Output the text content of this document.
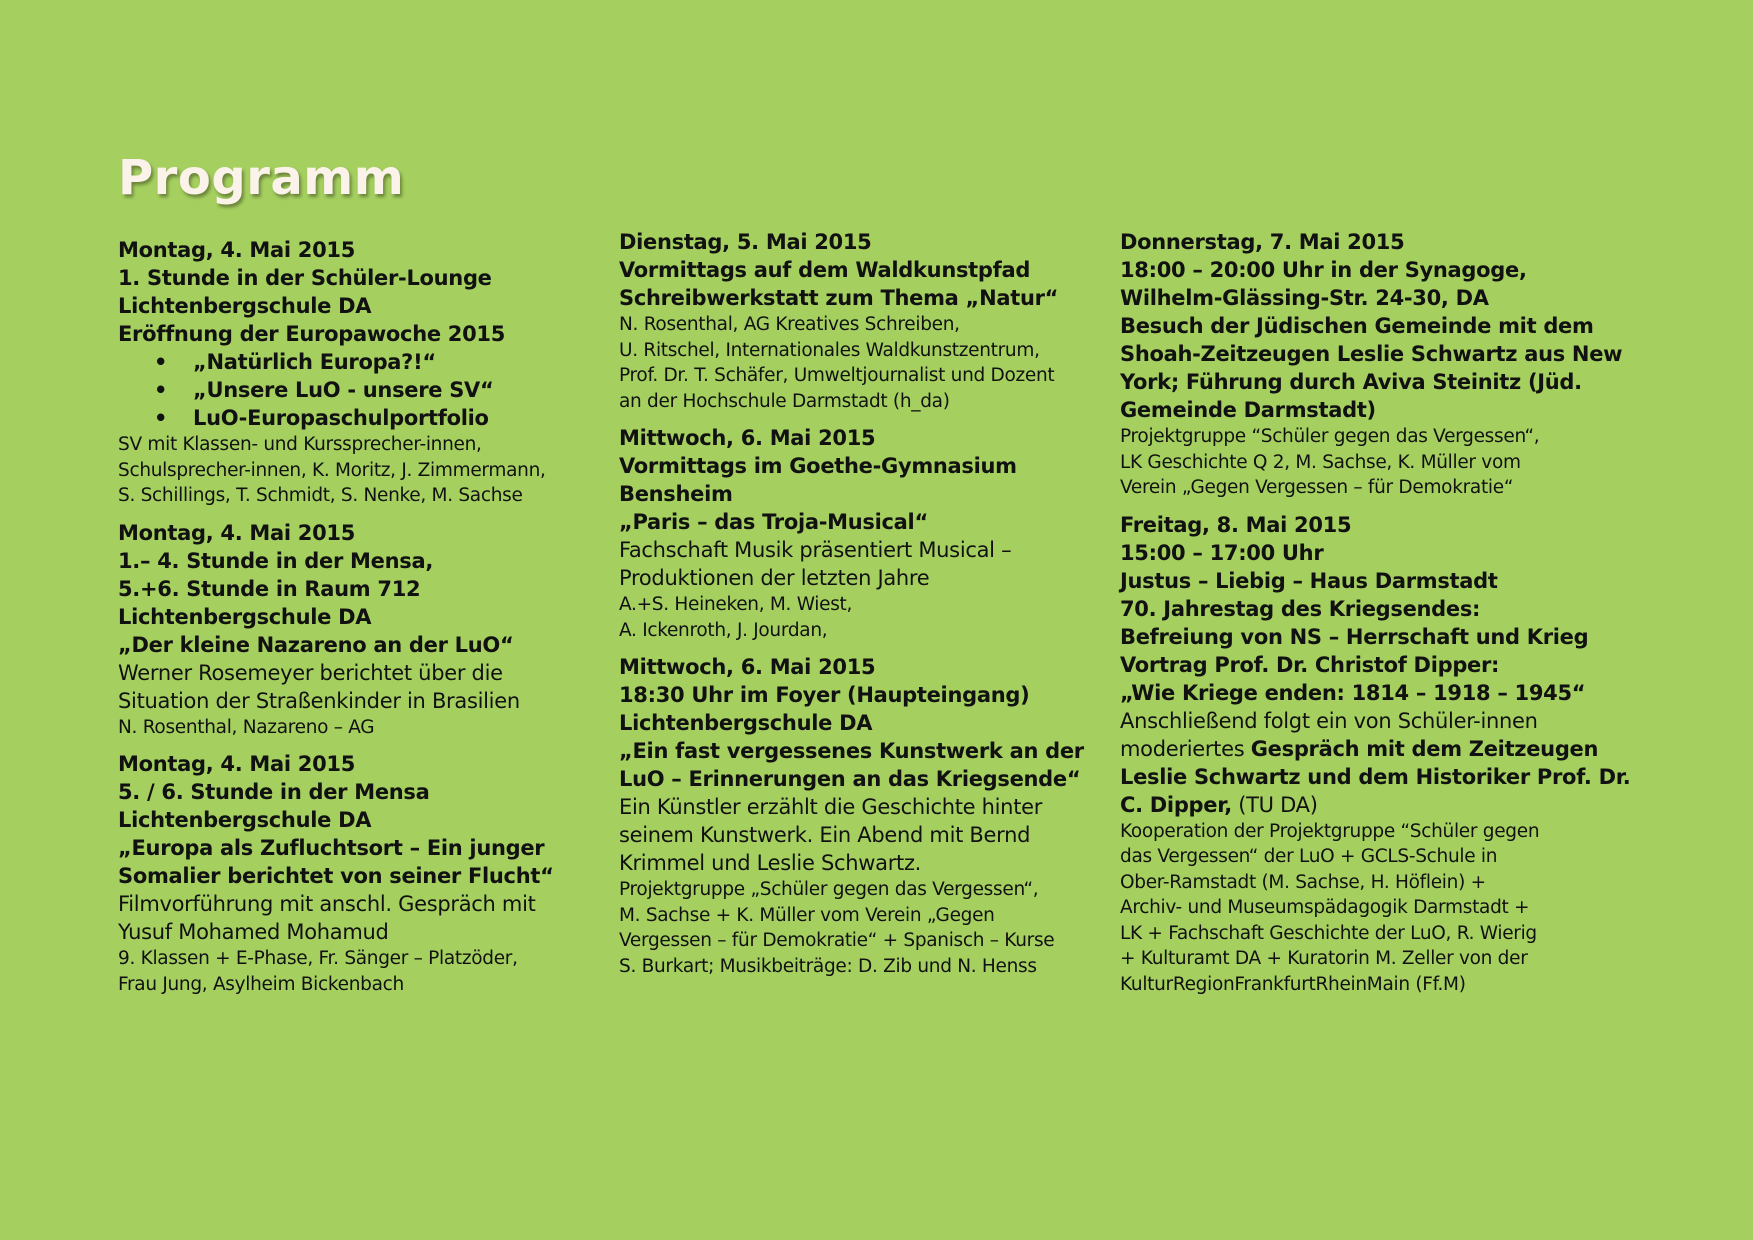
Programm
Montag, 4. Mai 2015
1. Stunde in der Schüler-Lounge
Lichtenbergschule DA
Eröffnung der Europawoche 2015
• „Natürlich Europa?!“
• „Unsere LuO - unsere SV“
• LuO-Europaschulportfolio
SV mit Klassen- und Kurssprecher-innen,
Schulsprecher-innen, K. Moritz, J. Zimmermann,
S. Schillings, T. Schmidt, S. Nenke, M. Sachse
Montag, 4. Mai 2015
1.– 4. Stunde in der Mensa,
5.+6. Stunde in Raum 712
Lichtenbergschule DA
„Der kleine Nazareno an der LuO“
Werner Rosemeyer berichtet über die
Situation der Straßenkinder in Brasilien
N. Rosenthal, Nazareno – AG
Montag, 4. Mai 2015
5. / 6. Stunde in der Mensa
Lichtenbergschule DA
„Europa als Zufluchtsort – Ein junger
Somalier berichtet von seiner Flucht“
Filmvorführung mit anschl. Gespräch mit
Yusuf Mohamed Mohamud
9. Klassen + E-Phase, Fr. Sänger – Platzöder,
Frau Jung, Asylheim Bickenbach
Dienstag, 5. Mai 2015
Vormittags auf dem Waldkunstpfad
Schreibwerkstatt zum Thema „Natur“
N. Rosenthal, AG Kreatives Schreiben,
U. Ritschel, Internationales Waldkunstzentrum,
Prof. Dr. T. Schäfer, Umweltjournalist und Dozent
an der Hochschule Darmstadt (h_da)
Mittwoch, 6. Mai 2015
Vormittags im Goethe-Gymnasium
Bensheim
„Paris – das Troja-Musical“
Fachschaft Musik präsentiert Musical –
Produktionen der letzten Jahre
A.+S. Heineken, M. Wiest,
A. Ickenroth, J. Jourdan,
Mittwoch, 6. Mai 2015
18:30 Uhr im Foyer (Haupteingang)
Lichtenbergschule DA
„Ein fast vergessenes Kunstwerk an der
LuO – Erinnerungen an das Kriegsende“
Ein Künstler erzählt die Geschichte hinter
seinem Kunstwerk. Ein Abend mit Bernd
Krimmel und Leslie Schwartz.
Projektgruppe „Schüler gegen das Vergessen“,
M. Sachse + K. Müller vom Verein „Gegen
Vergessen – für Demokratie“ + Spanisch – Kurse
S. Burkart; Musikbeiträge: D. Zib und N. Henss
Donnerstag, 7. Mai 2015
18:00 – 20:00 Uhr in der Synagoge,
Wilhelm-Glässing-Str. 24-30, DA
Besuch der Jüdischen Gemeinde mit dem
Shoah-Zeitzeugen Leslie Schwartz aus New
York; Führung durch Aviva Steinitz (Jüd.
Gemeinde Darmstadt)
Projektgruppe “Schüler gegen das Vergessen“,
LK Geschichte Q 2, M. Sachse, K. Müller vom
Verein „Gegen Vergessen – für Demokratie“
Freitag, 8. Mai 2015
15:00 – 17:00 Uhr
Justus – Liebig – Haus Darmstadt
70. Jahrestag des Kriegsendes:
Befreiung von NS – Herrschaft und Krieg
Vortrag Prof. Dr. Christof Dipper:
„Wie Kriege enden: 1814 – 1918 – 1945“
Anschließend folgt ein von Schüler-innen
moderiertes Gespräch mit dem Zeitzeugen
Leslie Schwartz und dem Historiker Prof. Dr.
C. Dipper, (TU DA)
Kooperation der Projektgruppe “Schüler gegen
das Vergessen“ der LuO + GCLS-Schule in
Ober-Ramstadt (M. Sachse, H. Höflein) +
Archiv- und Museumspädagogik Darmstadt +
LK + Fachschaft Geschichte der LuO, R. Wierig
+ Kulturamt DA + Kuratorin M. Zeller von der
KulturRegionFrankfurtRheinMain (Ff.M)
